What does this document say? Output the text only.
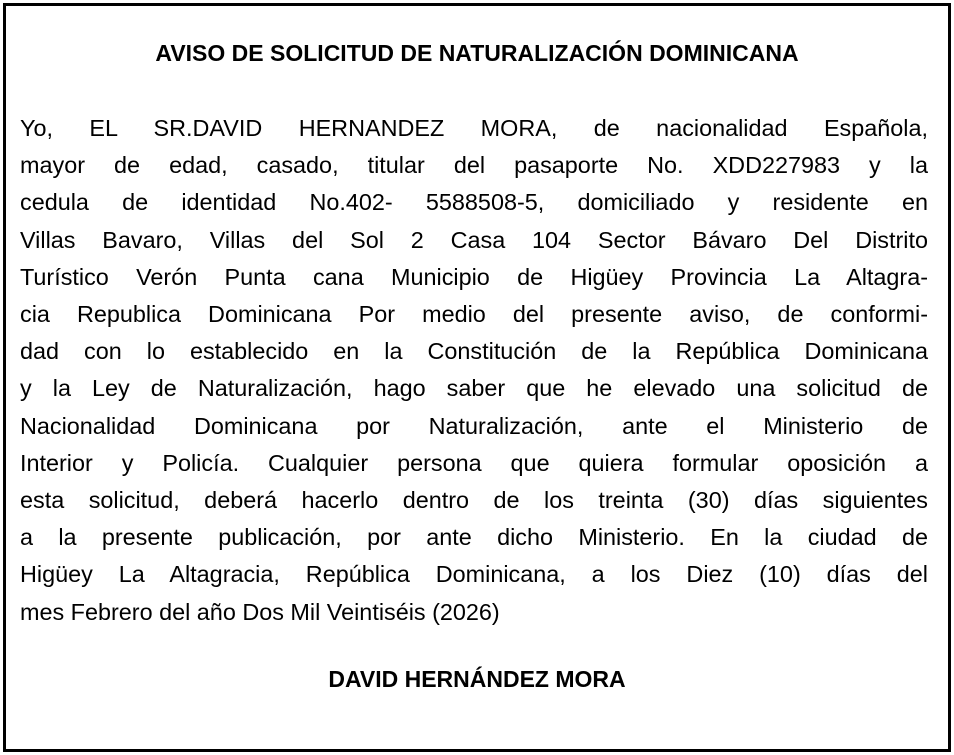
AVISO DE SOLICITUD DE NATURALIZACIÓN DOMINICANA
Yo, EL SR.DAVID HERNANDEZ MORA, de nacionalidad Española,
mayor de edad, casado, titular del pasaporte No. XDD227983 y la
cedula de identidad No.402- 5588508-5, domiciliado y residente en
Villas Bavaro, Villas del Sol 2 Casa 104 Sector Bávaro Del Distrito
Turístico Verón Punta cana Municipio de Higüey Provincia La Altagra-
cia Republica Dominicana Por medio del presente aviso, de conformi-
dad con lo establecido en la Constitución de la República Dominicana
y la Ley de Naturalización, hago saber que he elevado una solicitud de
Nacionalidad Dominicana por Naturalización, ante el Ministerio de
Interior y Policía. Cualquier persona que quiera formular oposición a
esta solicitud, deberá hacerlo dentro de los treinta (30) días siguientes
a la presente publicación, por ante dicho Ministerio. En la ciudad de
Higüey La Altagracia, República Dominicana, a los Diez (10) días del
mes Febrero del año Dos Mil Veintiséis (2026)
DAVID HERNÁNDEZ MORA
